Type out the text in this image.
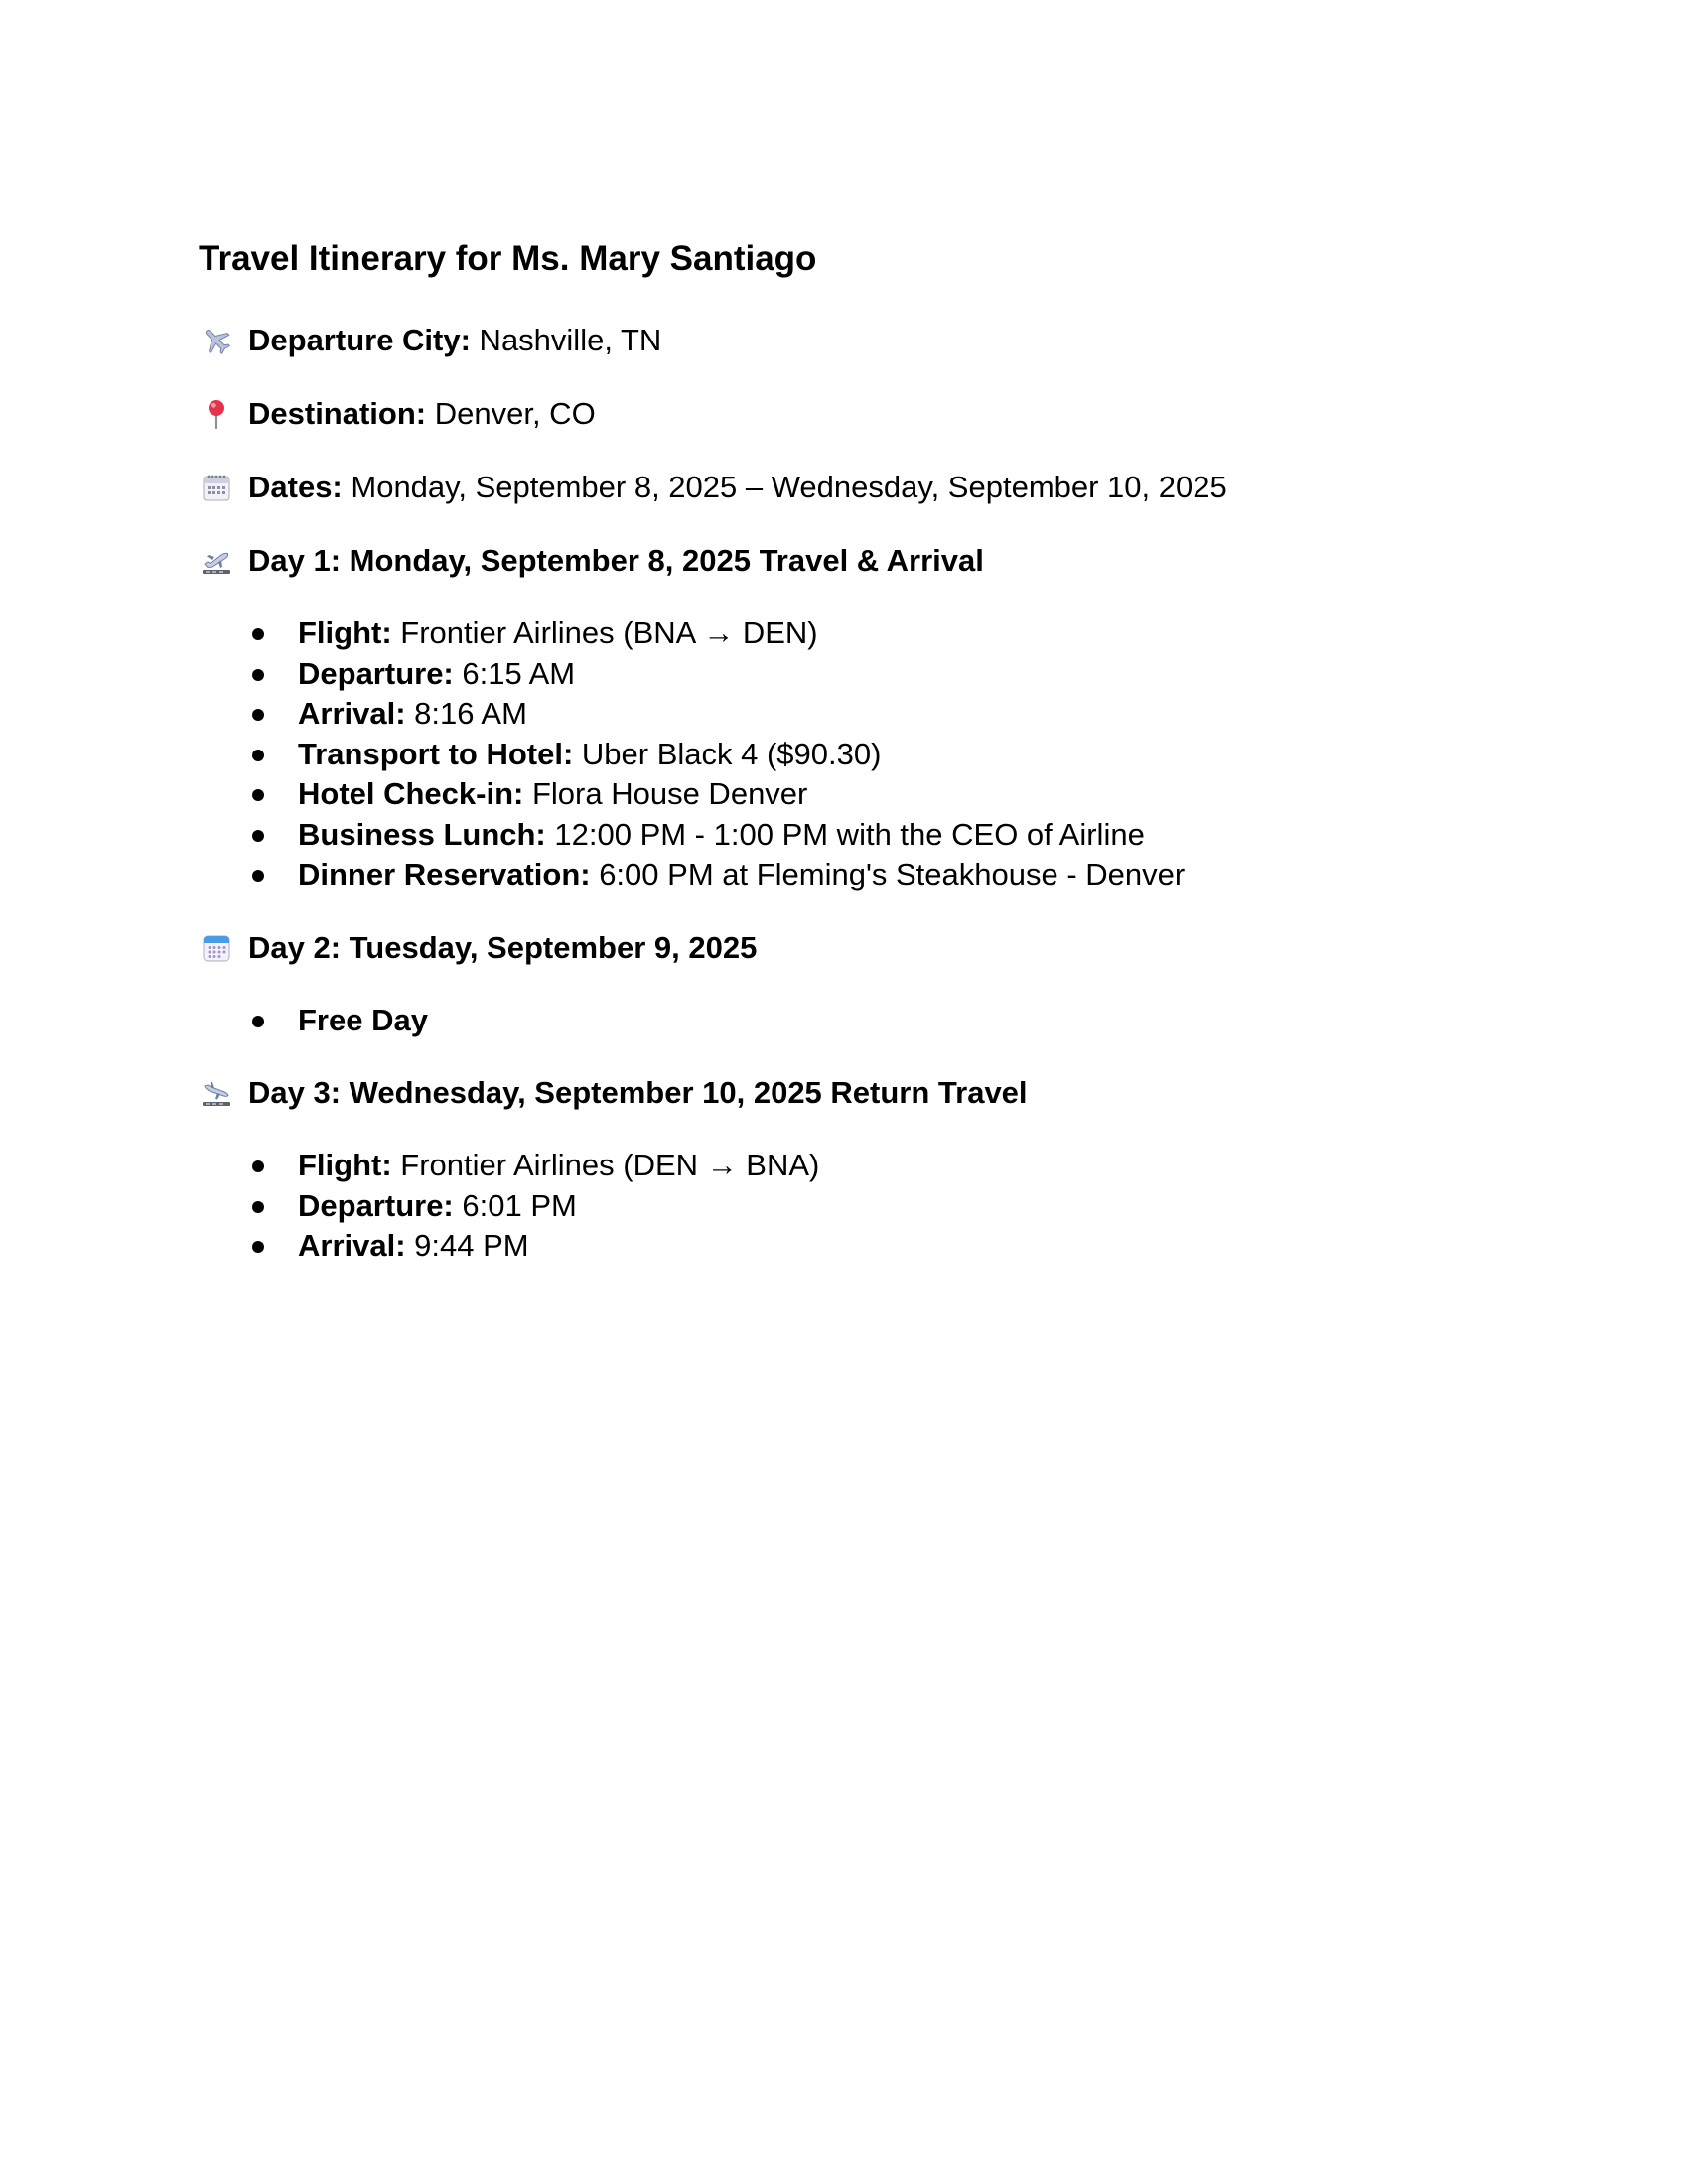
Travel Itinerary for Ms. Mary Santiago

Departure City: Nashville, TN

Destination: Denver, CO

Dates: Monday, September 8, 2025 – Wednesday, September 10, 2025

Day 1: Monday, September 8, 2025 Travel & Arrival

Flight: Frontier Airlines (BNA → DEN)
Departure: 6:15 AM
Arrival: 8:16 AM
Transport to Hotel: Uber Black 4 ($90.30)
Hotel Check-in: Flora House Denver
Business Lunch: 12:00 PM - 1:00 PM with the CEO of Airline
Dinner Reservation: 6:00 PM at Fleming's Steakhouse - Denver

Day 2: Tuesday, September 9, 2025

Free Day

Day 3: Wednesday, September 10, 2025 Return Travel

Flight: Frontier Airlines (DEN → BNA)
Departure: 6:01 PM
Arrival: 9:44 PM
